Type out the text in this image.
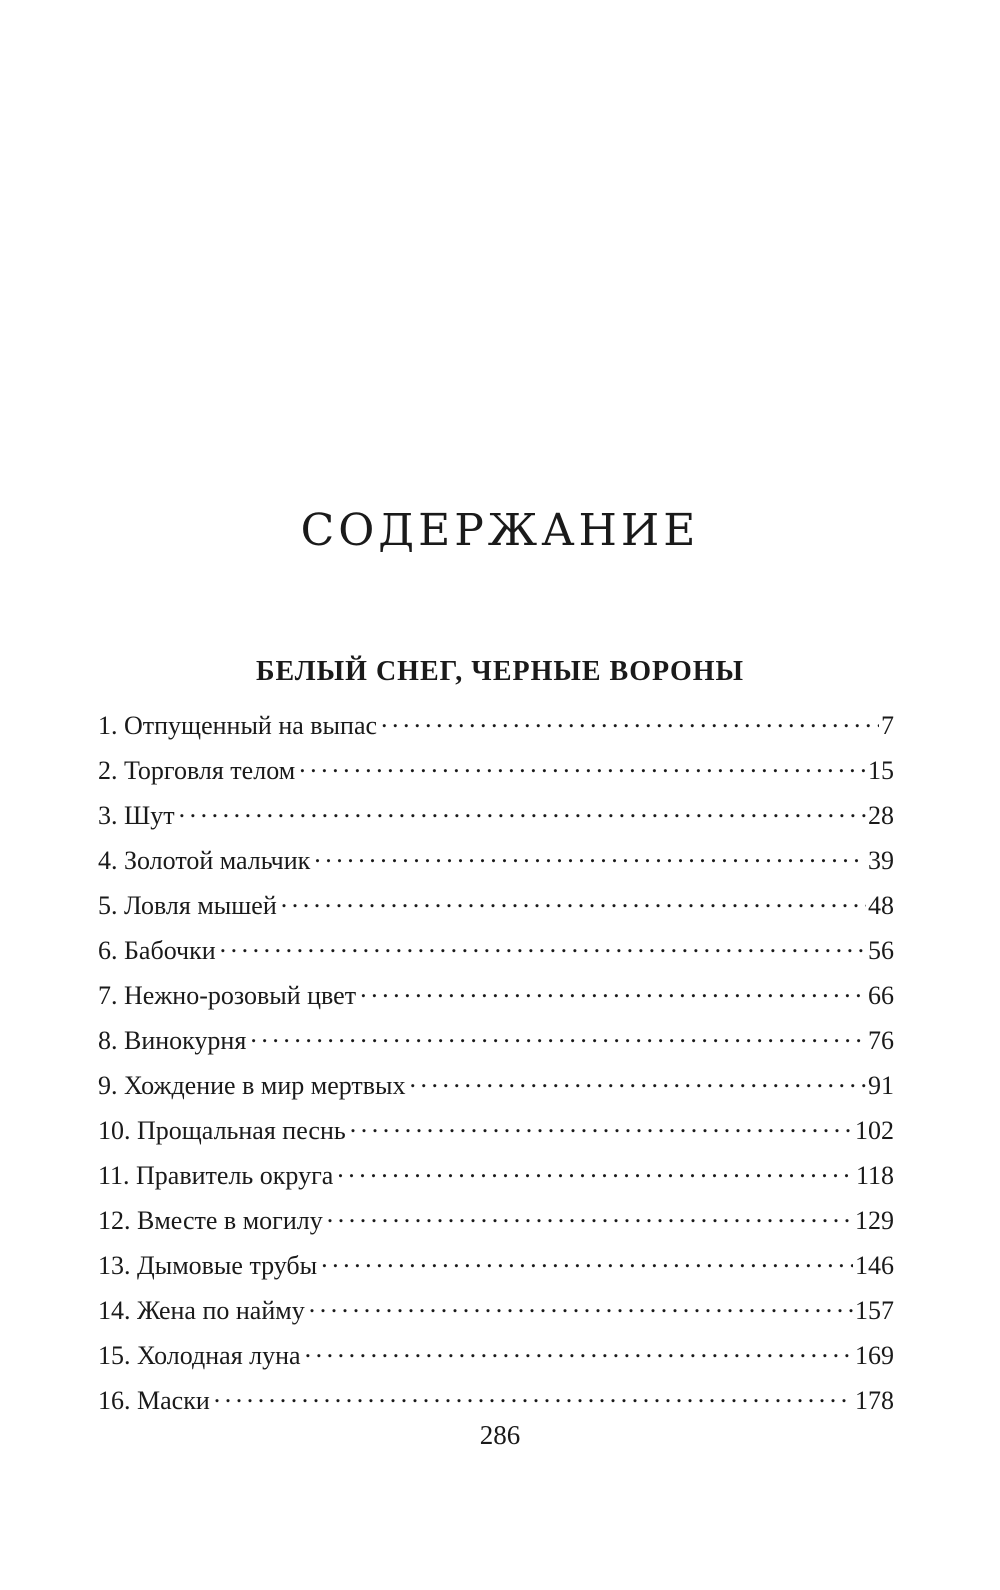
СОДЕРЖАНИЕ
БЕЛЫЙ СНЕГ, ЧЕРНЫЕ ВОРОНЫ
1. Отпущенный на выпас . . .	7
2. Торговля телом . . .	15
3. Шут . . .	28
4. Золотой мальчик . . .	39
5. Ловля мышей . . .	48
6. Бабочки . . .	56
7. Нежно-розовый цвет . . .	66
8. Винокурня . . .	76
9. Хождение в мир мертвых . . .	91
10. Прощальная песнь . . .	102
11. Правитель округа . . .	118
12. Вместе в могилу . . .	129
13. Дымовые трубы . . .	146
14. Жена по найму . . .	157
15. Холодная луна . . .	169
16. Маски . . .	178
286
